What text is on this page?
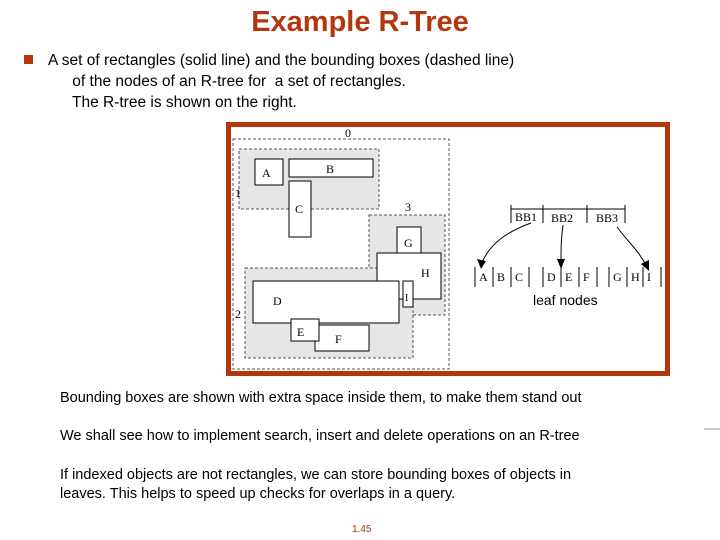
Example R-Tree
A set of rectangles (solid line) and the bounding boxes (dashed line)
of the nodes of an R-tree for  a set of rectangles.
The R-tree is shown on the right.
0
1
3
2
A	B
C
G
H
D	I
F
E
BB1 BB2 BB3
A B C D E F G H I
leaf nodes
Bounding boxes are shown with extra space inside them, to make them stand out
We shall see how to implement search, insert and delete operations on an R-tree
If indexed objects are not rectangles, we can store bounding boxes of objects in
leaves. This helps to speed up checks for overlaps in a query.
1.45
